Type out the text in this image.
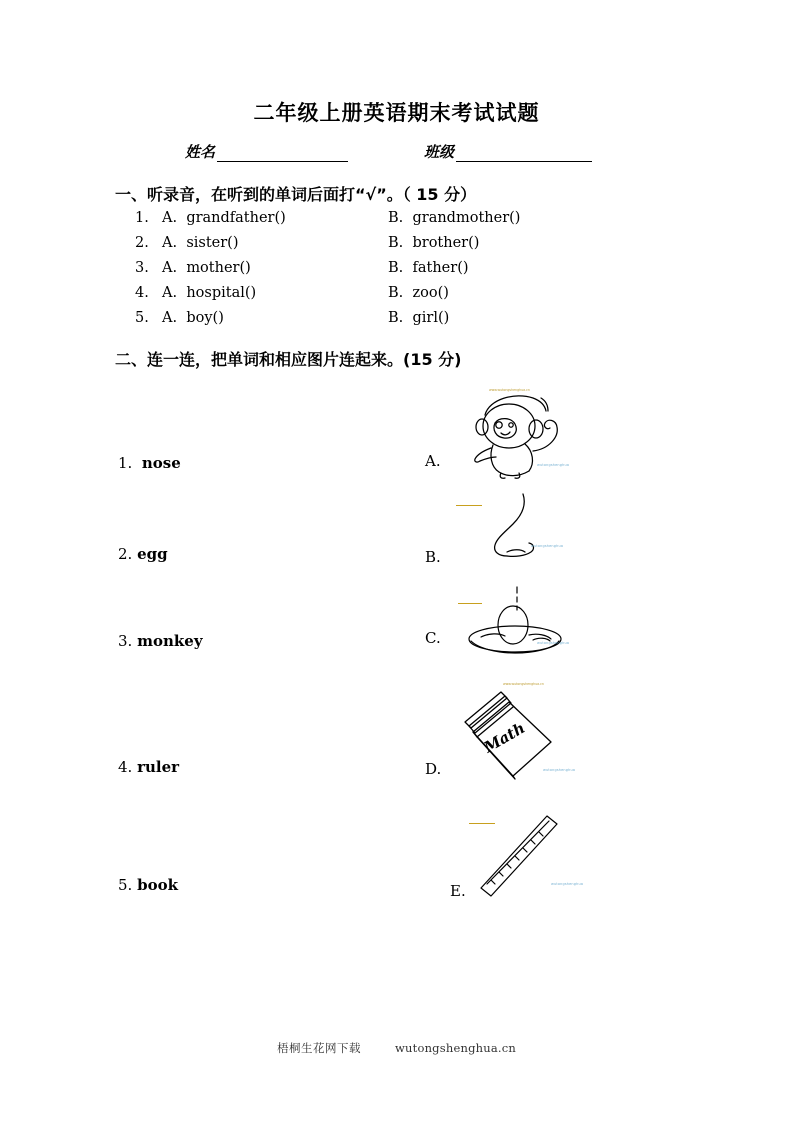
二年级上册英语期末考试试题
姓名	班级
一、听录音，在听到的单词后面打“√”。（ 15 分）
1. A. grandfather()	B. grandmother()
2. A. sister()	B. brother()
3. A. mother()	B. father()
4. A. hospital()	B. zoo()
5. A. boy()	B. girl()
二、连一连，把单词和相应图片连起来。(15 分)
1. nose
2. egg
3. monkey
4. ruler
5. book
A.
www.wutongshenghua.cn
wutongshenghua
B.
wutongshenghua
C.	wutongshenghua
D.
www.wutongshenghua.cn
Math
wutongshenghua
E.	wutongshenghua
梧桐生花网下载	wutongshenghua.cn
